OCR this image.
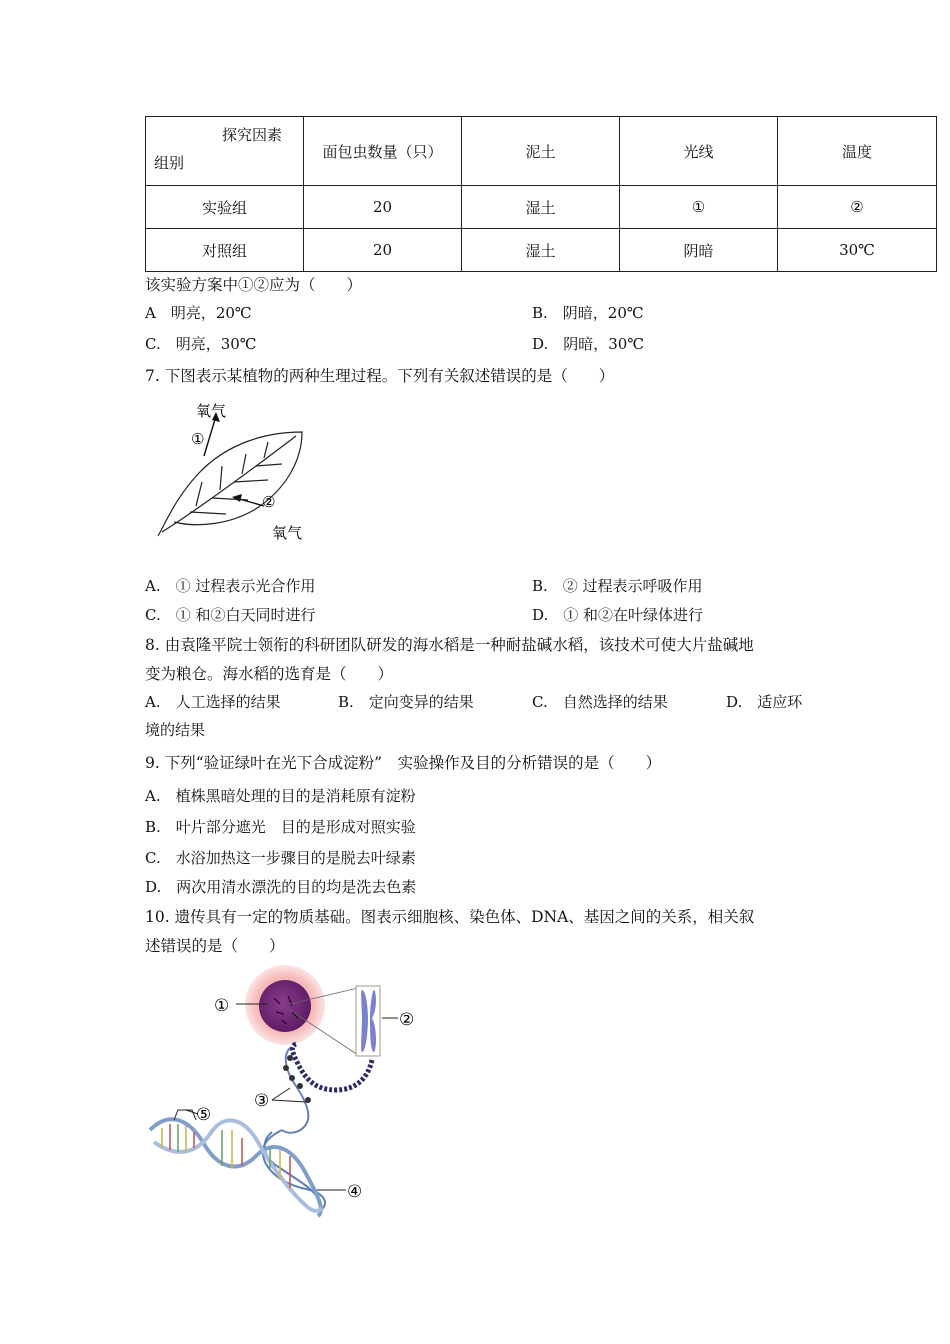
探究因素
组别	面包虫数量（只）	泥土	光线	温度
实验组	20	湿土	①	②
对照组	20	湿土	阴暗	30℃
该实验方案中①②应为（　　）
A　明亮，20℃	B.　阴暗，20℃
C.　明亮，30℃	D.　阴暗，30℃
7. 下图表示某植物的两种生理过程。下列有关叙述错误的是（　　）
氧气
①
②
氧气
A.　① 过程表示光合作用	B.　② 过程表示呼吸作用
C.　① 和②白天同时进行	D.　① 和②在叶绿体进行
8. 由袁隆平院士领衔的科研团队研发的海水稻是一种耐盐碱水稻，该技术可使大片盐碱地
变为粮仓。海水稻的选育是（　　）
A.　人工选择的结果	B.　定向变异的结果	C.　自然选择的结果	D.　适应环
境的结果
9. 下列“验证绿叶在光下合成淀粉”　实验操作及目的分析错误的是（　　）
A.　植株黑暗处理的目的是消耗原有淀粉
B.　叶片部分遮光　目的是形成对照实验
C.　水浴加热这一步骤目的是脱去叶绿素
D.　两次用清水漂洗的目的均是洗去色素
10. 遗传具有一定的物质基础。图表示细胞核、染色体、DNA、基因之间的关系，相关叙
述错误的是（　　）
①
②
③
④
⑤
